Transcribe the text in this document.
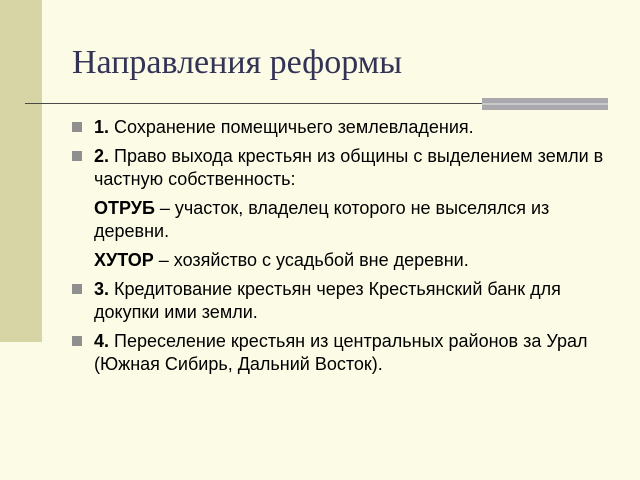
Направления реформы
1. Сохранение помещичьего землевладения.
2. Право выхода крестьян из общины с выделением земли в частную собственность:
ОТРУБ – участок, владелец которого не выселялся из деревни.
ХУТОР – хозяйство с усадьбой вне деревни.
3. Кредитование крестьян через Крестьянский банк для докупки ими земли.
4. Переселение крестьян из центральных районов за Урал (Южная Сибирь, Дальний Восток).
